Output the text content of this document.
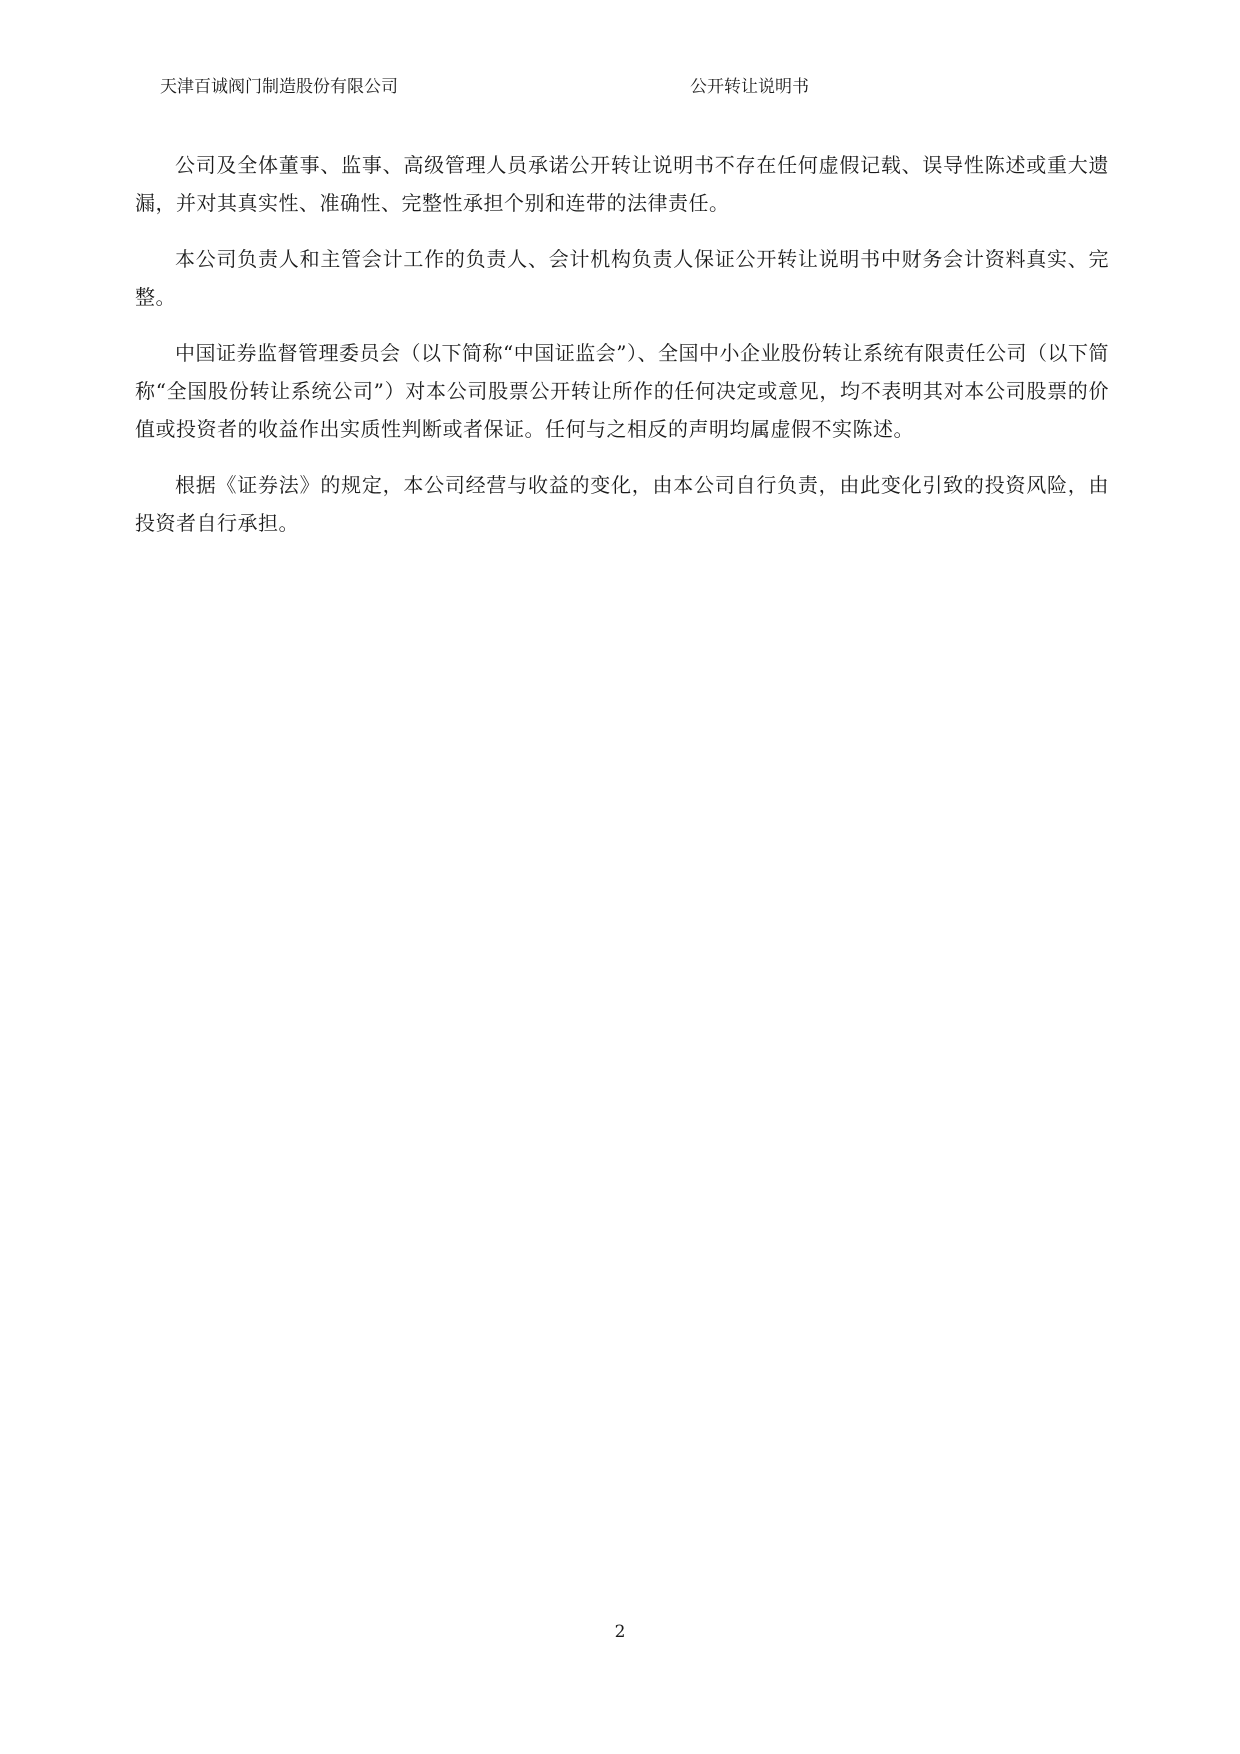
天津百诚阀门制造股份有限公司	公开转让说明书

公司及全体董事、监事、高级管理人员承诺公开转让说明书不存在任何虚假记载、误导性陈述或重大遗漏，并对其真实性、准确性、完整性承担个别和连带的法律责任。

本公司负责人和主管会计工作的负责人、会计机构负责人保证公开转让说明书中财务会计资料真实、完整。

中国证券监督管理委员会（以下简称“中国证监会”）、全国中小企业股份转让系统有限责任公司（以下简称“全国股份转让系统公司”）对本公司股票公开转让所作的任何决定或意见，均不表明其对本公司股票的价值或投资者的收益作出实质性判断或者保证。任何与之相反的声明均属虚假不实陈述。

根据《证券法》的规定，本公司经营与收益的变化，由本公司自行负责，由此变化引致的投资风险，由投资者自行承担。

2
